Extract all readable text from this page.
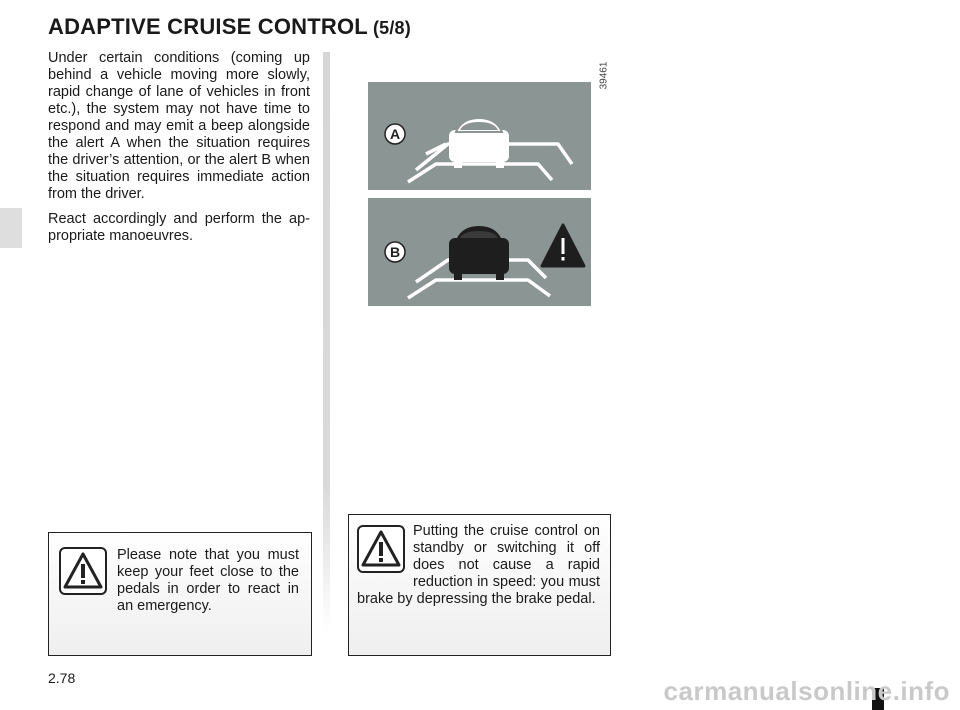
ADAPTIVE CRUISE CONTROL (5/8)

Under certain conditions (coming up behind a vehicle moving more slowly, rapid change of lane of vehicles in front etc.), the system may not have time to respond and may emit a beep alongside the alert A when the situation requires the driver’s attention, or the alert B when the situation requires immediate action from the driver.

React accordingly and perform the appropriate manoeuvres.

39461
A
B

Please note that you must keep your feet close to the pedals in order to react in an emergency.

Putting the cruise control on standby or switching it off does not cause a rapid reduction in speed: you must brake by depressing the brake pedal.

2.78	carmanualsonline.info
